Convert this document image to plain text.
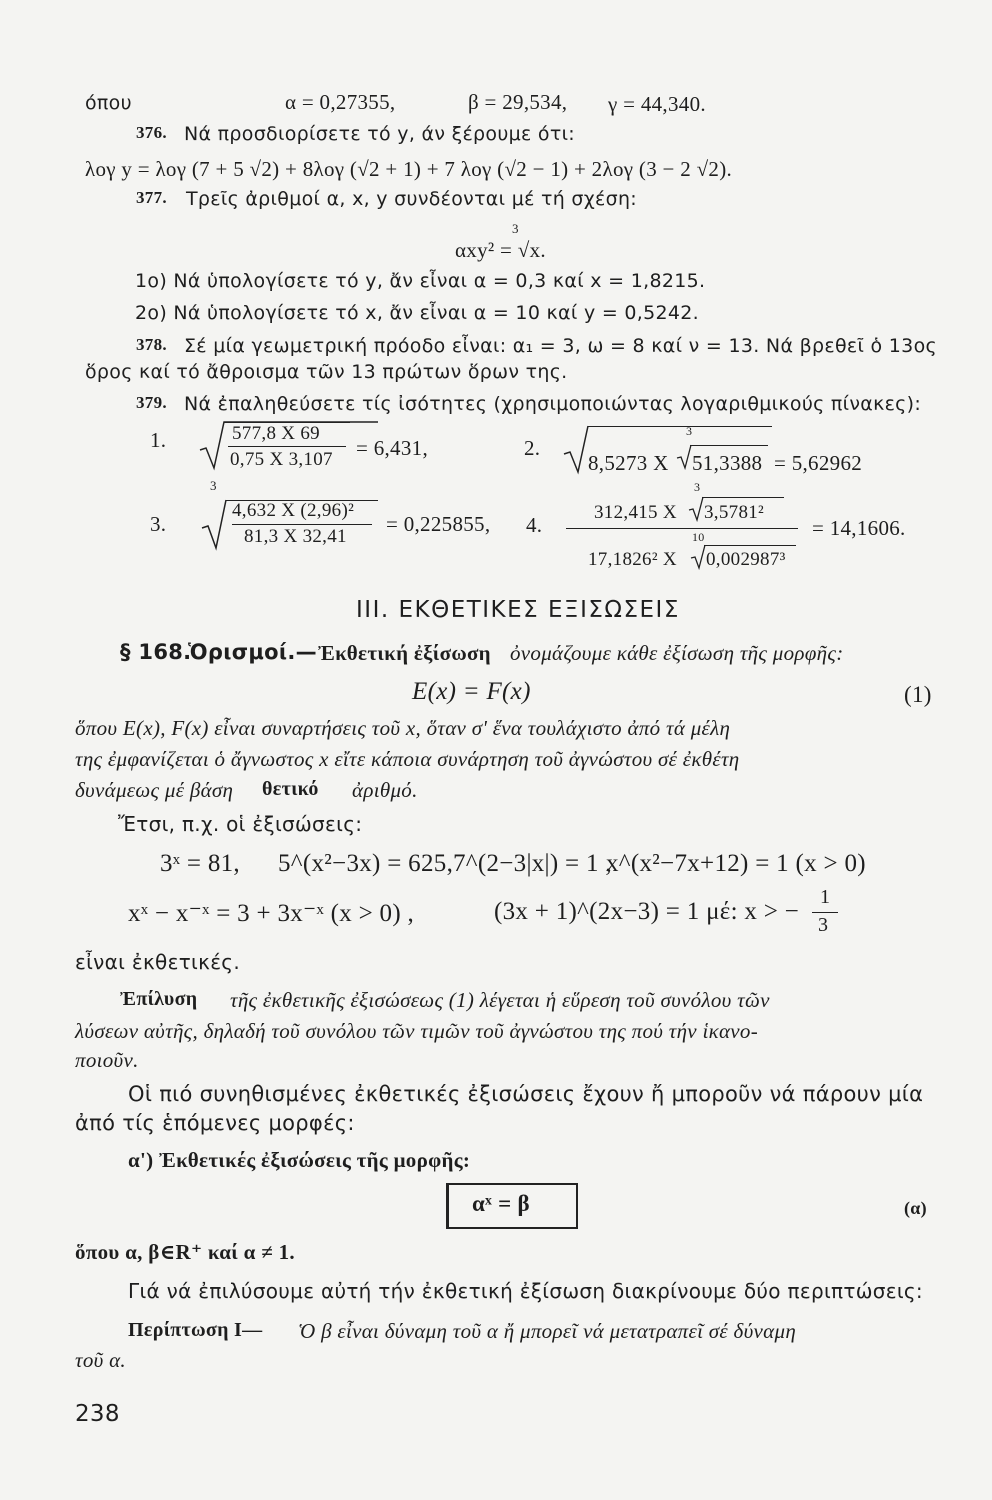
όπου	α = 0,27355,	β = 29,534, γ = 44,340.
376. Νά προσδιορίσετε τό y, άν ξέρουμε ότι:
λογ y = λογ (7 + 5 √2) + 8λογ (√2 + 1) + 7 λογ (√2 − 1) + 2λογ (3 − 2 √2).
377. Τρεῖς ἀριθμοί α, x, y συνδέονται μέ τή σχέση:
3
αxy² = √x.
1ο) Νά ὑπολογίσετε τό y, ἄν εἶναι α = 0,3 καί x = 1,8215.
2ο) Νά ὑπολογίσετε τό x, ἄν εἶναι α = 10 καί y = 0,5242.
378. Σέ μία γεωμετρική πρόοδο εἶναι: α₁ = 3, ω = 8 καί ν = 13. Νά βρεθεῖ ὁ 13ος
ὅρος καί τό ἄθροισμα τῶν 13 πρώτων ὅρων της.
379. Νά ἐπαληθεύσετε τίς ἰσότητες (χρησιμοποιώντας λογαριθμικούς πίνακες):
1.	577,8 X 69
0,75 X 3,107 = 6,431,	2.
3
8,5273 X 51,3388 = 5,62962
3.
3
4,632 X (2,96)²
81,3 X 32,41
= 0,225855, 4.
312,415 X
3
3,5781²
10
17,1826² X 0,002987³
= 14,1606.
III. ΕΚΘΕΤΙΚΕΣ ΕΞΙΣΩΣΕΙΣ
§ 168.
Ὁρισμοί.— Ἐκθετική ἐξίσωση ὀνομάζουμε κάθε ἐξίσωση τῆς μορφῆς:
E(x) = F(x)	(1)
ὅπου E(x), F(x) εἶναι συναρτήσεις τοῦ x, ὅταν σ' ἕνα τουλάχιστο ἀπό τά μέλη
της ἐμφανίζεται ὁ ἄγνωστος x εἴτε κάποια συνάρτηση τοῦ ἀγνώστου σέ ἐκθέτη
δυνάμεως μέ βάση θετικό ἀριθμό.
Ἔτσι, π.χ. οἱ ἐξισώσεις:
3ˣ = 81, 5^(x²−3x) = 625, 7^(2−3|x|) = 1 ,
x^(x²−7x+12) = 1 (x > 0)
xˣ − x⁻ˣ = 3 + 3x⁻ˣ (x > 0) ,	(3x + 1)^(2x−3) = 1 μέ: x > −
1
3
εἶναι ἐκθετικές.
Ἐπίλυση τῆς ἐκθετικῆς ἐξισώσεως (1) λέγεται ἡ εὕρεση τοῦ συνόλου τῶν
λύσεων αὐτῆς, δηλαδή τοῦ συνόλου τῶν τιμῶν τοῦ ἀγνώστου της πού τήν ἱκανο-
ποιοῦν.
Οἱ πιό συνηθισμένες ἐκθετικές ἐξισώσεις ἔχουν ἤ μποροῦν νά πάρουν μία
ἀπό τίς ἑπόμενες μορφές:
α') Ἐκθετικές ἐξισώσεις τῆς μορφῆς:
αˣ = β	(α)
ὅπου α, β∈R⁺ καί α ≠ 1.
Γιά νά ἐπιλύσουμε αὐτή τήν ἐκθετική ἐξίσωση διακρίνουμε δύο περιπτώσεις:
Περίπτωση I— Ὁ β εἶναι δύναμη τοῦ α ἤ μπορεῖ νά μετατραπεῖ σέ δύναμη
τοῦ α.
238
